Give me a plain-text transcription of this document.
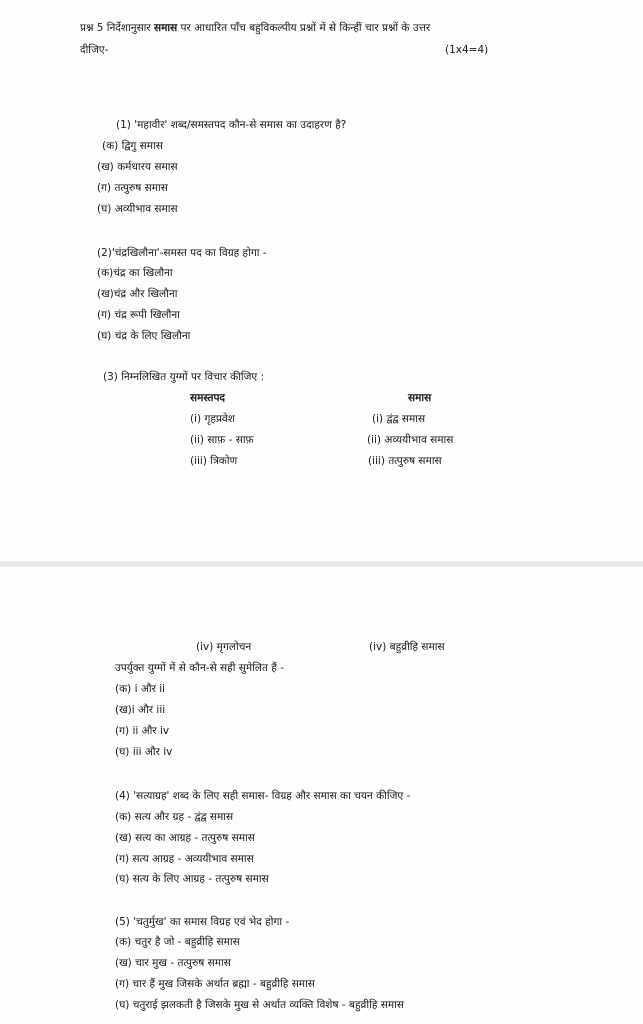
प्रश्न 5 निर्देशानुसार समास पर आधारित पाँच बहुविकल्पीय प्रश्नों में से किन्हीं चार प्रश्नों के उत्तर
दीजिए-	(1x4=4)
(1) 'महावीर' शब्द/समस्तपद कौन-से समास का उदाहरण है?
(क) द्विगु समास
(ख) कर्मधारय समास
(ग) तत्पुरुष समास
(घ) अव्यीभाव समास
(2)'चंद्रखिलौना'-समस्त पद का विग्रह होगा -
(क)चंद्र का खिलौना
(ख)चंद्र और खिलौना
(ग) चंद्र रूपी खिलौना
(घ) चंद्र के लिए खिलौना
(3) निम्नलिखित युग्मों पर विचार कीजिए :
समस्तपद	समास
(i) गृहप्रवेश	(i) द्वंद्व समास
(ii) साफ़ - साफ़	(ii) अव्ययीभाव समास
(iii) त्रिकोण	(iii) तत्पुरुष समास
(iv) मृगलोचन	(iv) बहुव्रीहि समास
उपर्युक्त युग्मों में से कौन-से सही सुमेलित हैं -
(क) i और ii
(ख)i और iii
(ग) ii और iv
(घ) iii और iv
(4) 'सत्याग्रह' शब्द के लिए सही समास- विग्रह और समास का चयन कीजिए -
(क) सत्य और ग्रह - द्वंद्व समास
(ख) सत्य का आग्रह - तत्पुरुष समास
(ग) सत्य आग्रह - अव्ययीभाव समास
(घ) सत्य के लिए आग्रह - तत्पुरुष समास
(5) 'चतुर्मुख' का समास विग्रह एवं भेद होगा -
(क) चतुर है जो - बहुव्रीहि समास
(ख) चार मुख - तत्पुरुष समास
(ग) चार हैं मुख जिसके अर्थात ब्रह्मा - बहुव्रीहि समास
(घ) चतुराई झलकती है जिसके मुख से अर्थात व्यक्ति विशेष - बहुव्रीहि समास
